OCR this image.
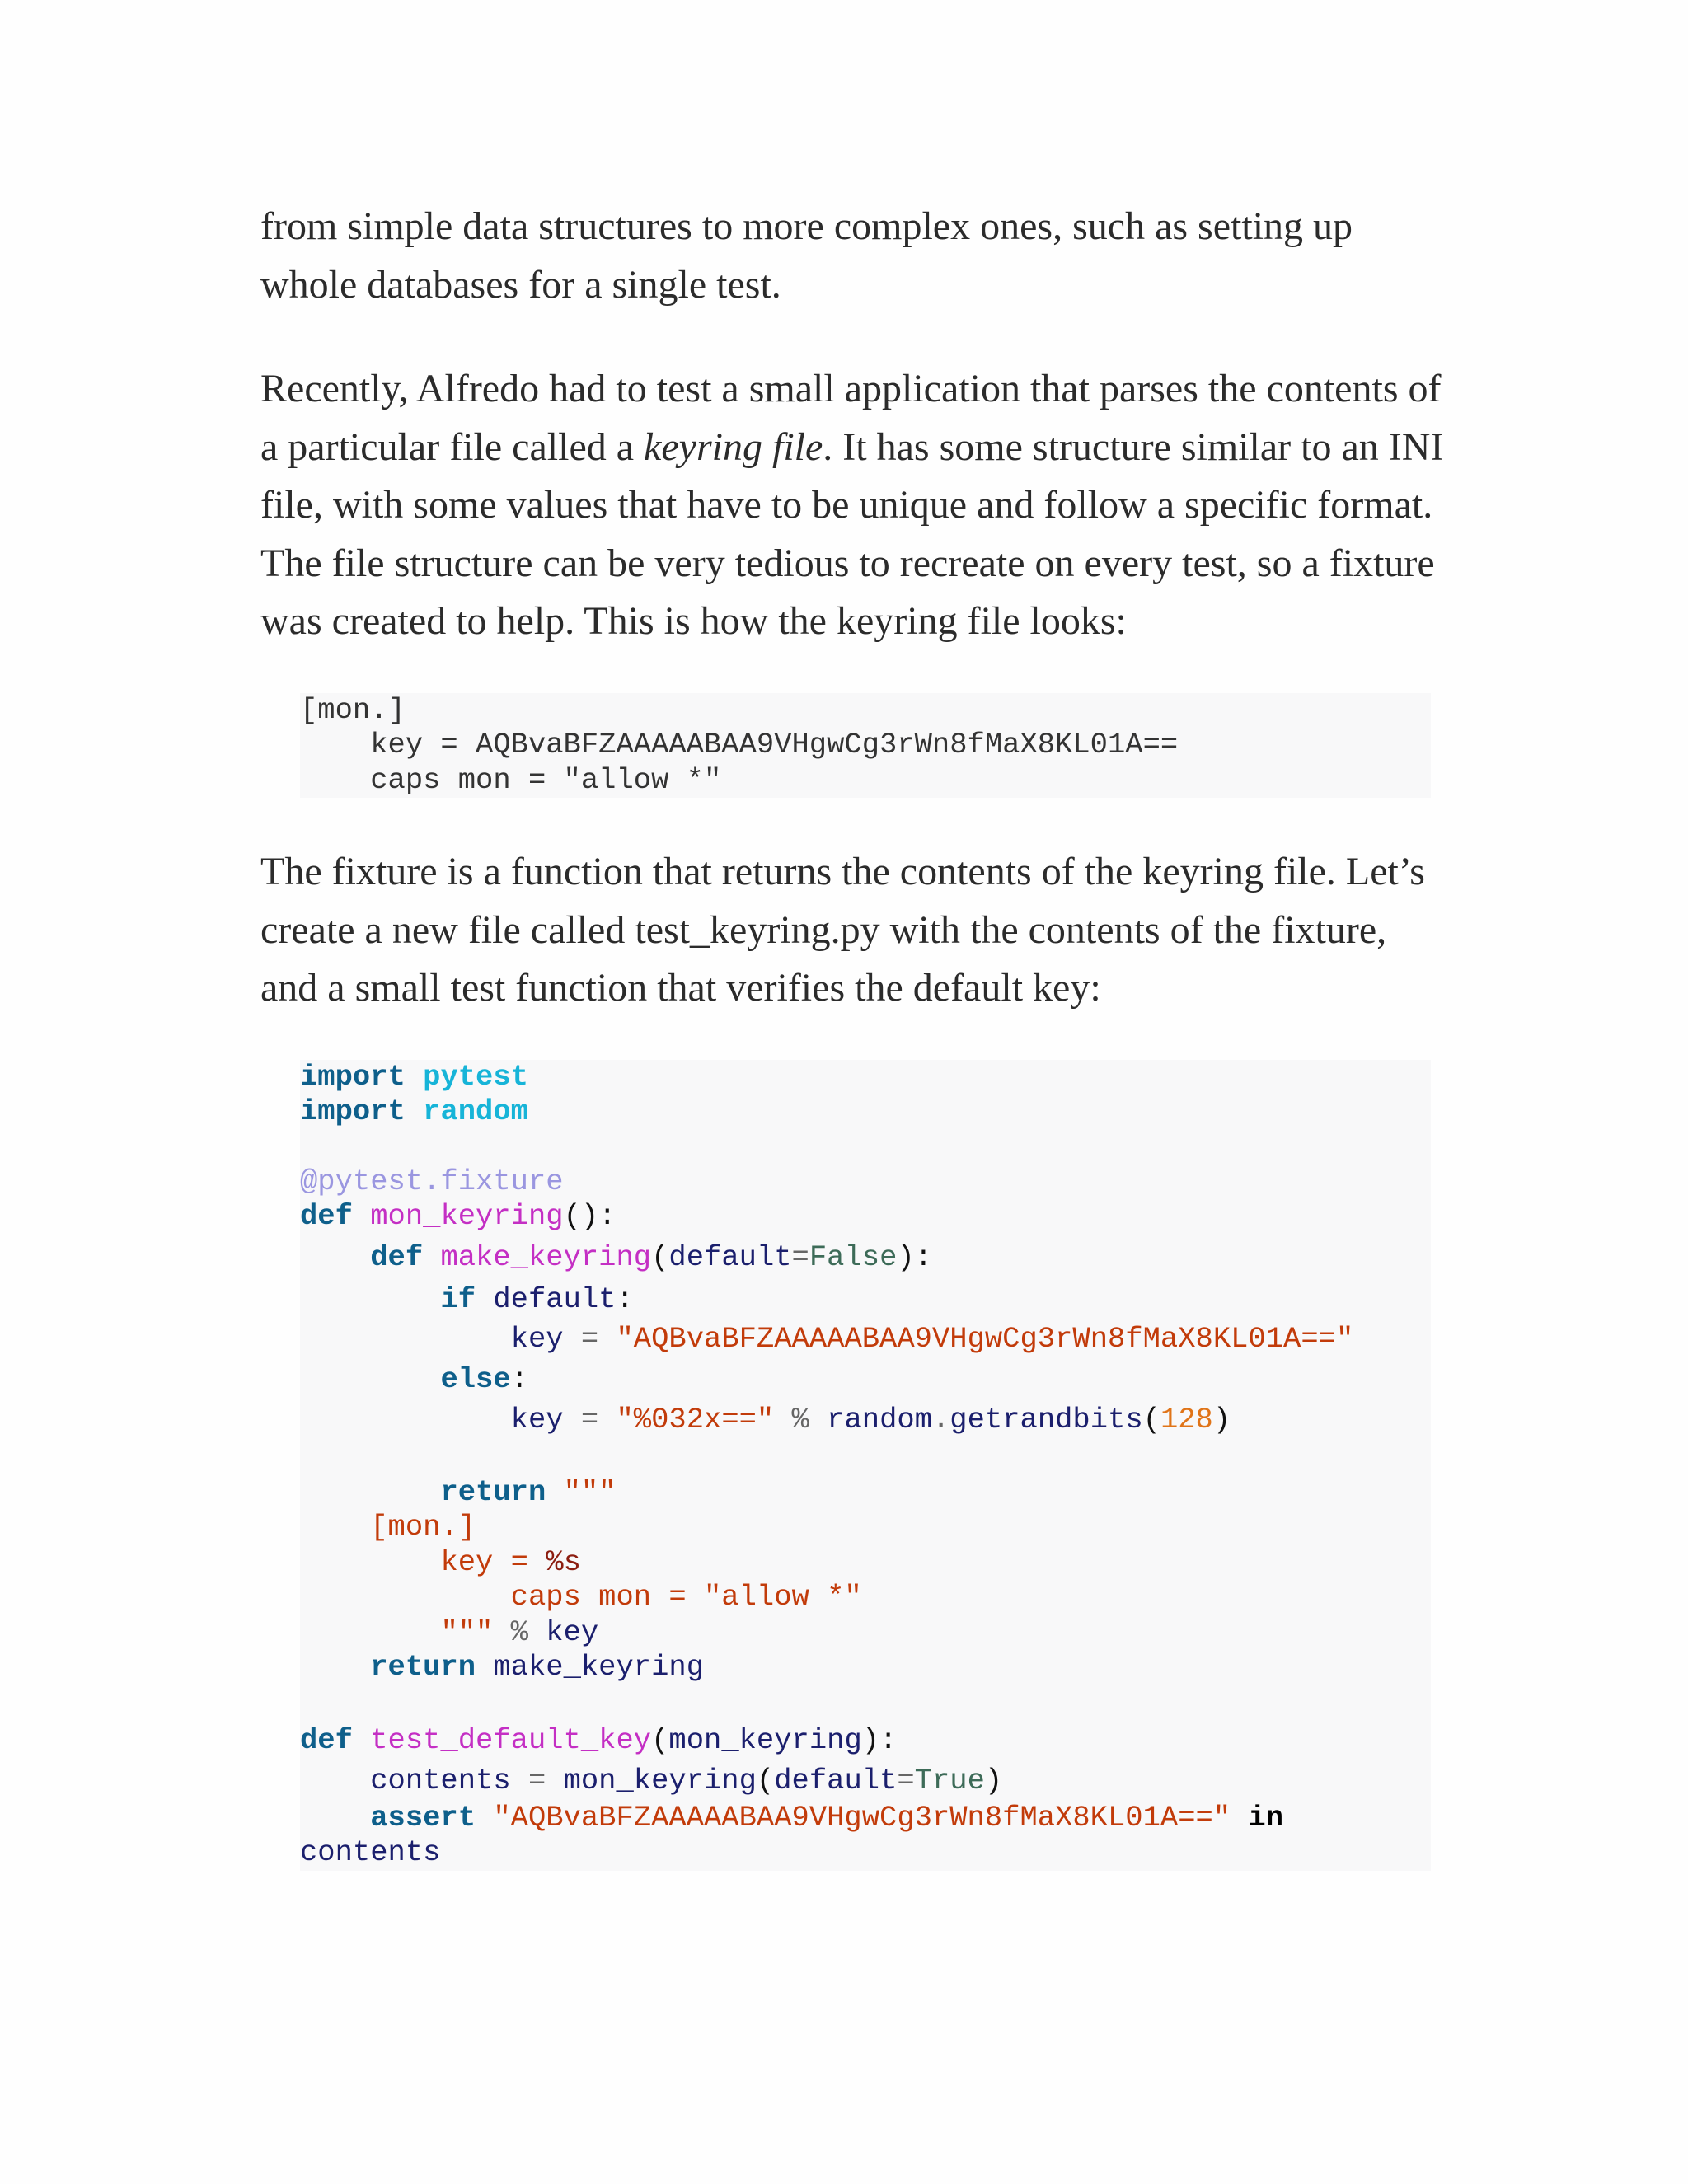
from simple data structures to more complex ones, such as setting up
whole databases for a single test.

Recently, Alfredo had to test a small application that parses the contents of
a particular file called a keyring file. It has some structure similar to an INI
file, with some values that have to be unique and follow a specific format.
The file structure can be very tedious to recreate on every test, so a fixture
was created to help. This is how the keyring file looks:

[mon.]
key = AQBvaBFZAAAAABAA9VHgwCg3rWn8fMaX8KL01A==
caps mon = "allow *"

The fixture is a function that returns the contents of the keyring file. Let’s
create a new file called test_keyring.py with the contents of the fixture,
and a small test function that verifies the default key:

import pytest
import random

@pytest.fixture
def mon_keyring():
def make_keyring(default=False):
if default:
key = "AQBvaBFZAAAAABAA9VHgwCg3rWn8fMaX8KL01A=="
else:
key = "%032x==" % random.getrandbits(128)

return """
[mon.]
key = %s
caps mon = "allow *"
""" % key
return make_keyring

def test_default_key(mon_keyring):
contents = mon_keyring(default=True)
assert "AQBvaBFZAAAAABAA9VHgwCg3rWn8fMaX8KL01A==" in
contents
